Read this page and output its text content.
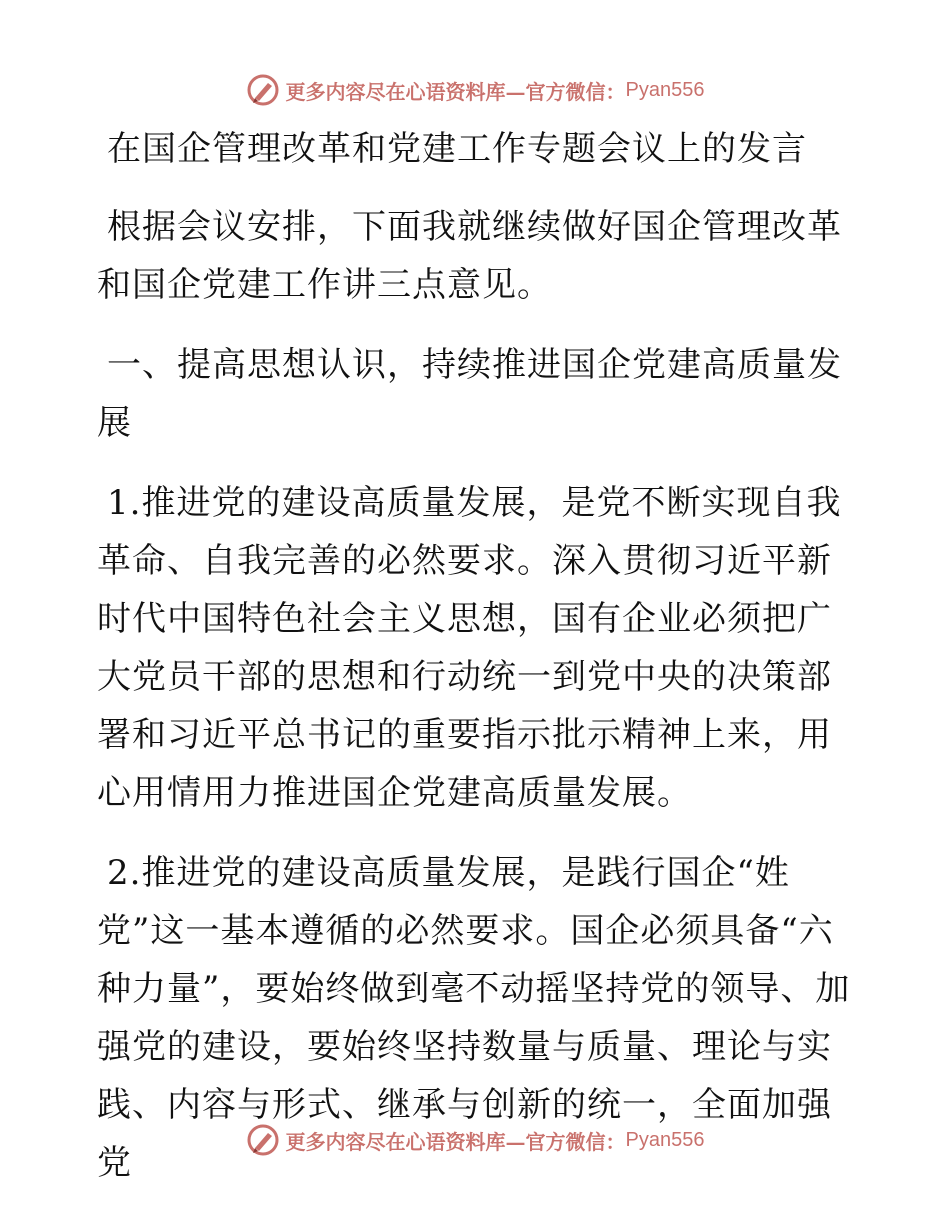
更多内容尽在心语资料库—官方微信： Pyan556
在国企管理改革和党建工作专题会议上的发言

根据会议安排，下面我就继续做好国企管理改革和国企党建工作讲三点意见。

一、提高思想认识，持续推进国企党建高质量发展

1.推进党的建设高质量发展，是党不断实现自我革命、自我完善的必然要求。深入贯彻习近平新时代中国特色社会主义思想，国有企业必须把广大党员干部的思想和行动统一到党中央的决策部署和习近平总书记的重要指示批示精神上来，用心用情用力推进国企党建高质量发展。

2.推进党的建设高质量发展，是践行国企“姓党”这一基本遵循的必然要求。国企必须具备“六种力量”，要始终做到毫不动摇坚持党的领导、加强党的建设，要始终坚持数量与质量、理论与实践、内容与形式、继承与创新的统一，全面加强党

更多内容尽在心语资料库—官方微信： Pyan556
